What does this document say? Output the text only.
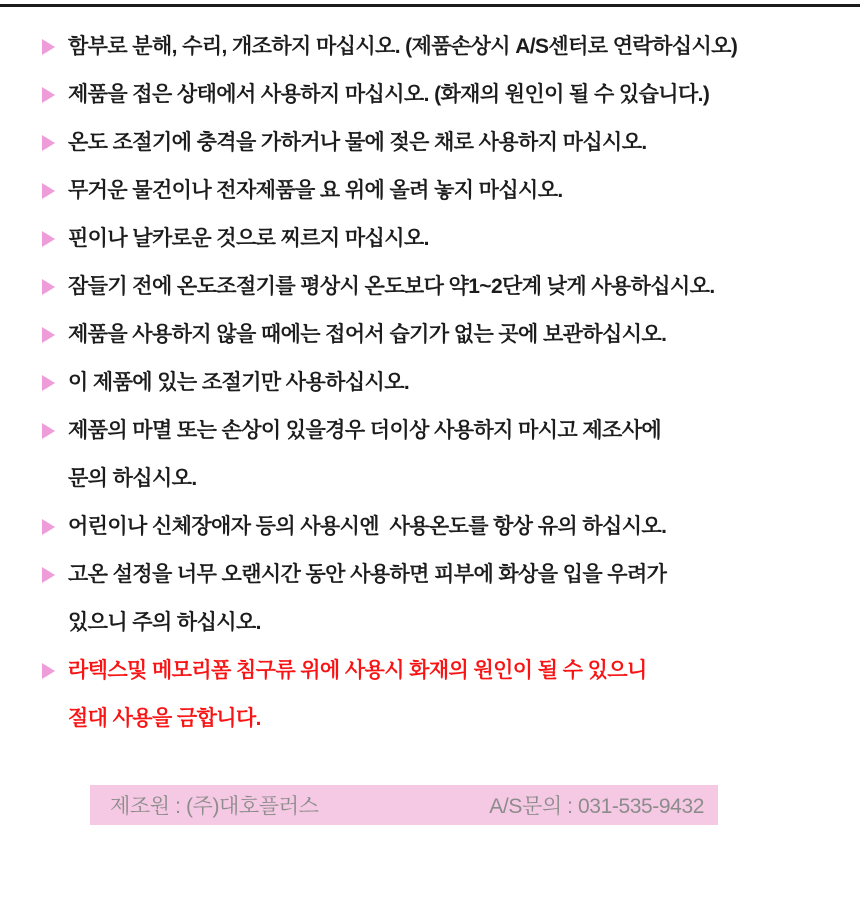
함부로 분해, 수리, 개조하지 마십시오. (제품손상시 A/S센터로 연락하십시오)
제품을 접은 상태에서 사용하지 마십시오. (화재의 원인이 될 수 있습니다.)
온도 조절기에 충격을 가하거나 물에 젖은 채로 사용하지 마십시오.
무거운 물건이나 전자제품을 요 위에 올려 놓지 마십시오.
핀이나 날카로운 것으로 찌르지 마십시오.
잠들기 전에 온도조절기를 평상시 온도보다 약1~2단계 낮게 사용하십시오.
제품을 사용하지 않을 때에는 접어서 습기가 없는 곳에 보관하십시오.
이 제품에 있는 조절기만 사용하십시오.
제품의 마멸 또는 손상이 있을경우 더이상 사용하지 마시고 제조사에
문의 하십시오.
어린이나 신체장애자 등의 사용시엔  사용온도를 항상 유의 하십시오.
고온 설정을 너무 오랜시간 동안 사용하면 피부에 화상을 입을 우려가
있으니 주의 하십시오.
라텍스및 메모리폼 침구류 위에 사용시 화재의 원인이 될 수 있으니
절대 사용을 금합니다.
제조원 : (주)대호플러스	A/S문의 : 031-535-9432
